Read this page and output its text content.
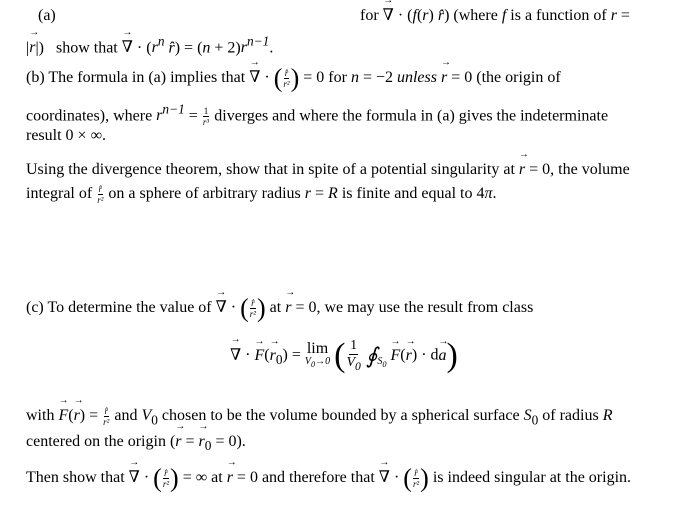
(a)	for → ∇ · (f(r) r̂) (where f is a function of r =
|→ r|)   show that → ∇ · ($r^n$ r̂) = $(n + 2)r^{n-1}$.
(b) The formula in (a) implies that → ∇ · ( $\frac{r̂}{\text{r²}}$ ) = 0 for n = −2 unless → r = 0 (the origin of
coordinates), where $r^{n-1} = \frac{1}{\text{r³}}$ diverges and where the formula in (a) gives the indeterminate
result 0 × ∞.
Using the divergence theorem, show that in spite of a potential singularity at → r = 0, the volume
integral of $\frac{r̂}{\text{r²}}$ on a sphere of arbitrary radius r = R is finite and equal to 4π.
(c) To determine the value of → ∇ · ( $\frac{r̂}{\text{r²}}$ ) at → r = 0, we may use the result from class
→ ∇ · → $F(\to r_0) = \lim$
$V_0\to 0$ ( $\frac{1}{V_0}$ $∮_{S_0} \to F(\to r) \cdot d\to a$)
with → $F(\to r) = \frac{r̂}{\text{r²}}$ and $V_0$ chosen to be the volume bounded by a spherical surface $S_0$ of radius R
centered on the origin (→ r = → $r_0 = 0$).
Then show that → ∇ · ( $\frac{r̂}{\text{r²}}$ ) = ∞ at → r = 0 and therefore that → ∇ · ( $\frac{r̂}{\text{r²}}$ ) is indeed singular at the origin.
